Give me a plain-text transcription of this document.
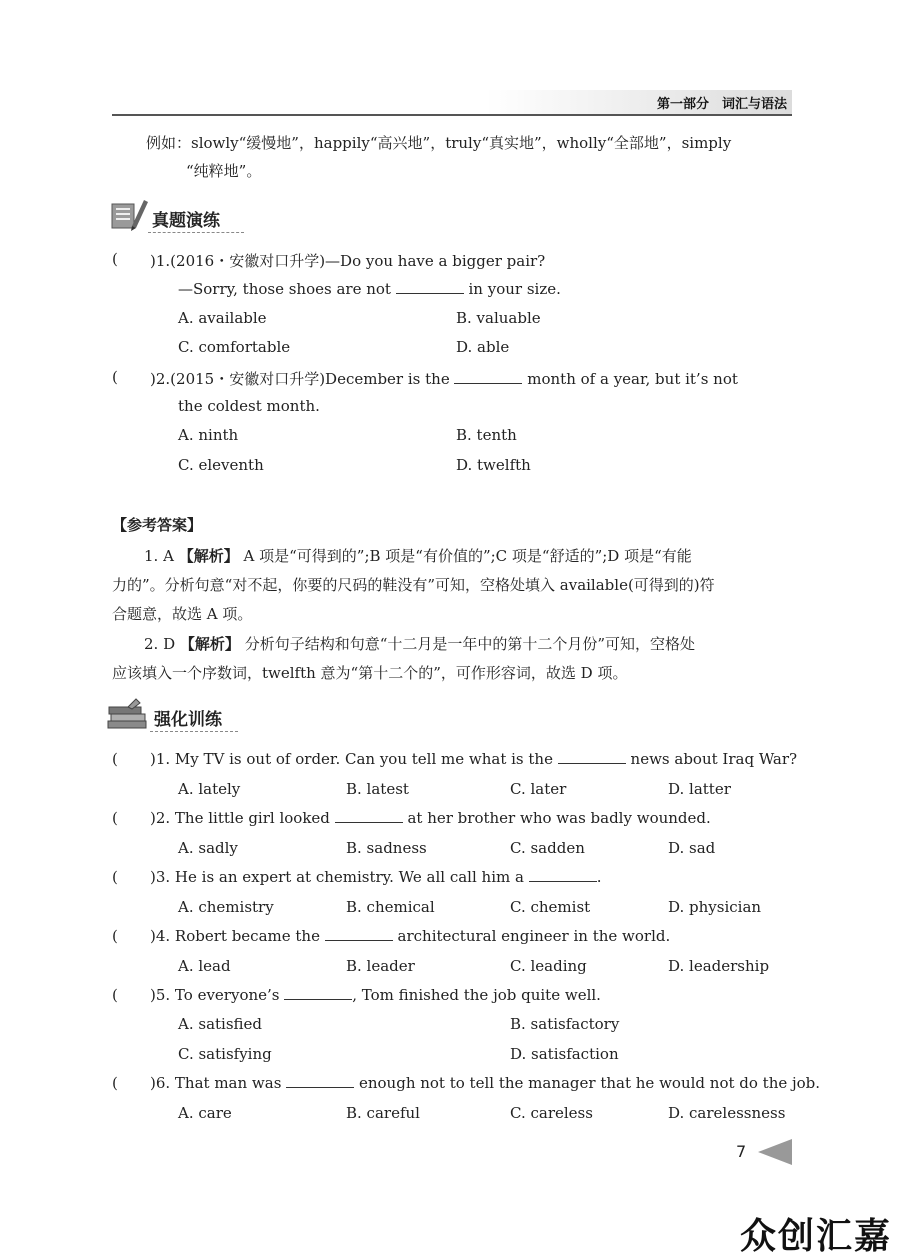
第一部分　词汇与语法
例如：slowly“缓慢地”，happily“高兴地”，truly“真实地”，wholly“全部地”，simply
“纯粹地”。
真题演练
( )1.(2016・安徽对口升学)—Do you have a bigger pair?
—Sorry, those shoes are not	in your size.
A. available	B. valuable
C. comfortable	D. able
( )2.(2015・安徽对口升学)December is the	month of a year, but it’s not
the coldest month.
A. ninth	B. tenth
C. eleventh	D. twelfth
【参考答案】
1. A 【解析】 A 项是“可得到的”;B 项是“有价值的”;C 项是“舒适的”;D 项是“有能
力的”。分析句意“对不起，你要的尺码的鞋没有”可知，空格处填入 available(可得到的)符
合题意，故选 A 项。
2. D 【解析】 分析句子结构和句意“十二月是一年中的第十二个月份”可知，空格处
应该填入一个序数词，twelfth 意为“第十二个的”，可作形容词，故选 D 项。
强化训练
( )1. My TV is out of order. Can you tell me what is the	news about Iraq War?
A. lately	B. latest	C. later	D. latter
( )2. The little girl looked	at her brother who was badly wounded.
A. sadly	B. sadness	C. sadden	D. sad
( )3. He is an expert at chemistry. We all call him a	.
A. chemistry	B. chemical	C. chemist	D. physician
( )4. Robert became the	architectural engineer in the world.
A. lead	B. leader	C. leading	D. leadership
( )5. To everyone’s	, Tom finished the job quite well.
A. satisfied	B. satisfactory
C. satisfying	D. satisfaction
( )6. That man was	enough not to tell the manager that he would not do the job.
A. care	B. careful	C. careless	D. carelessness
7
众创汇嘉
